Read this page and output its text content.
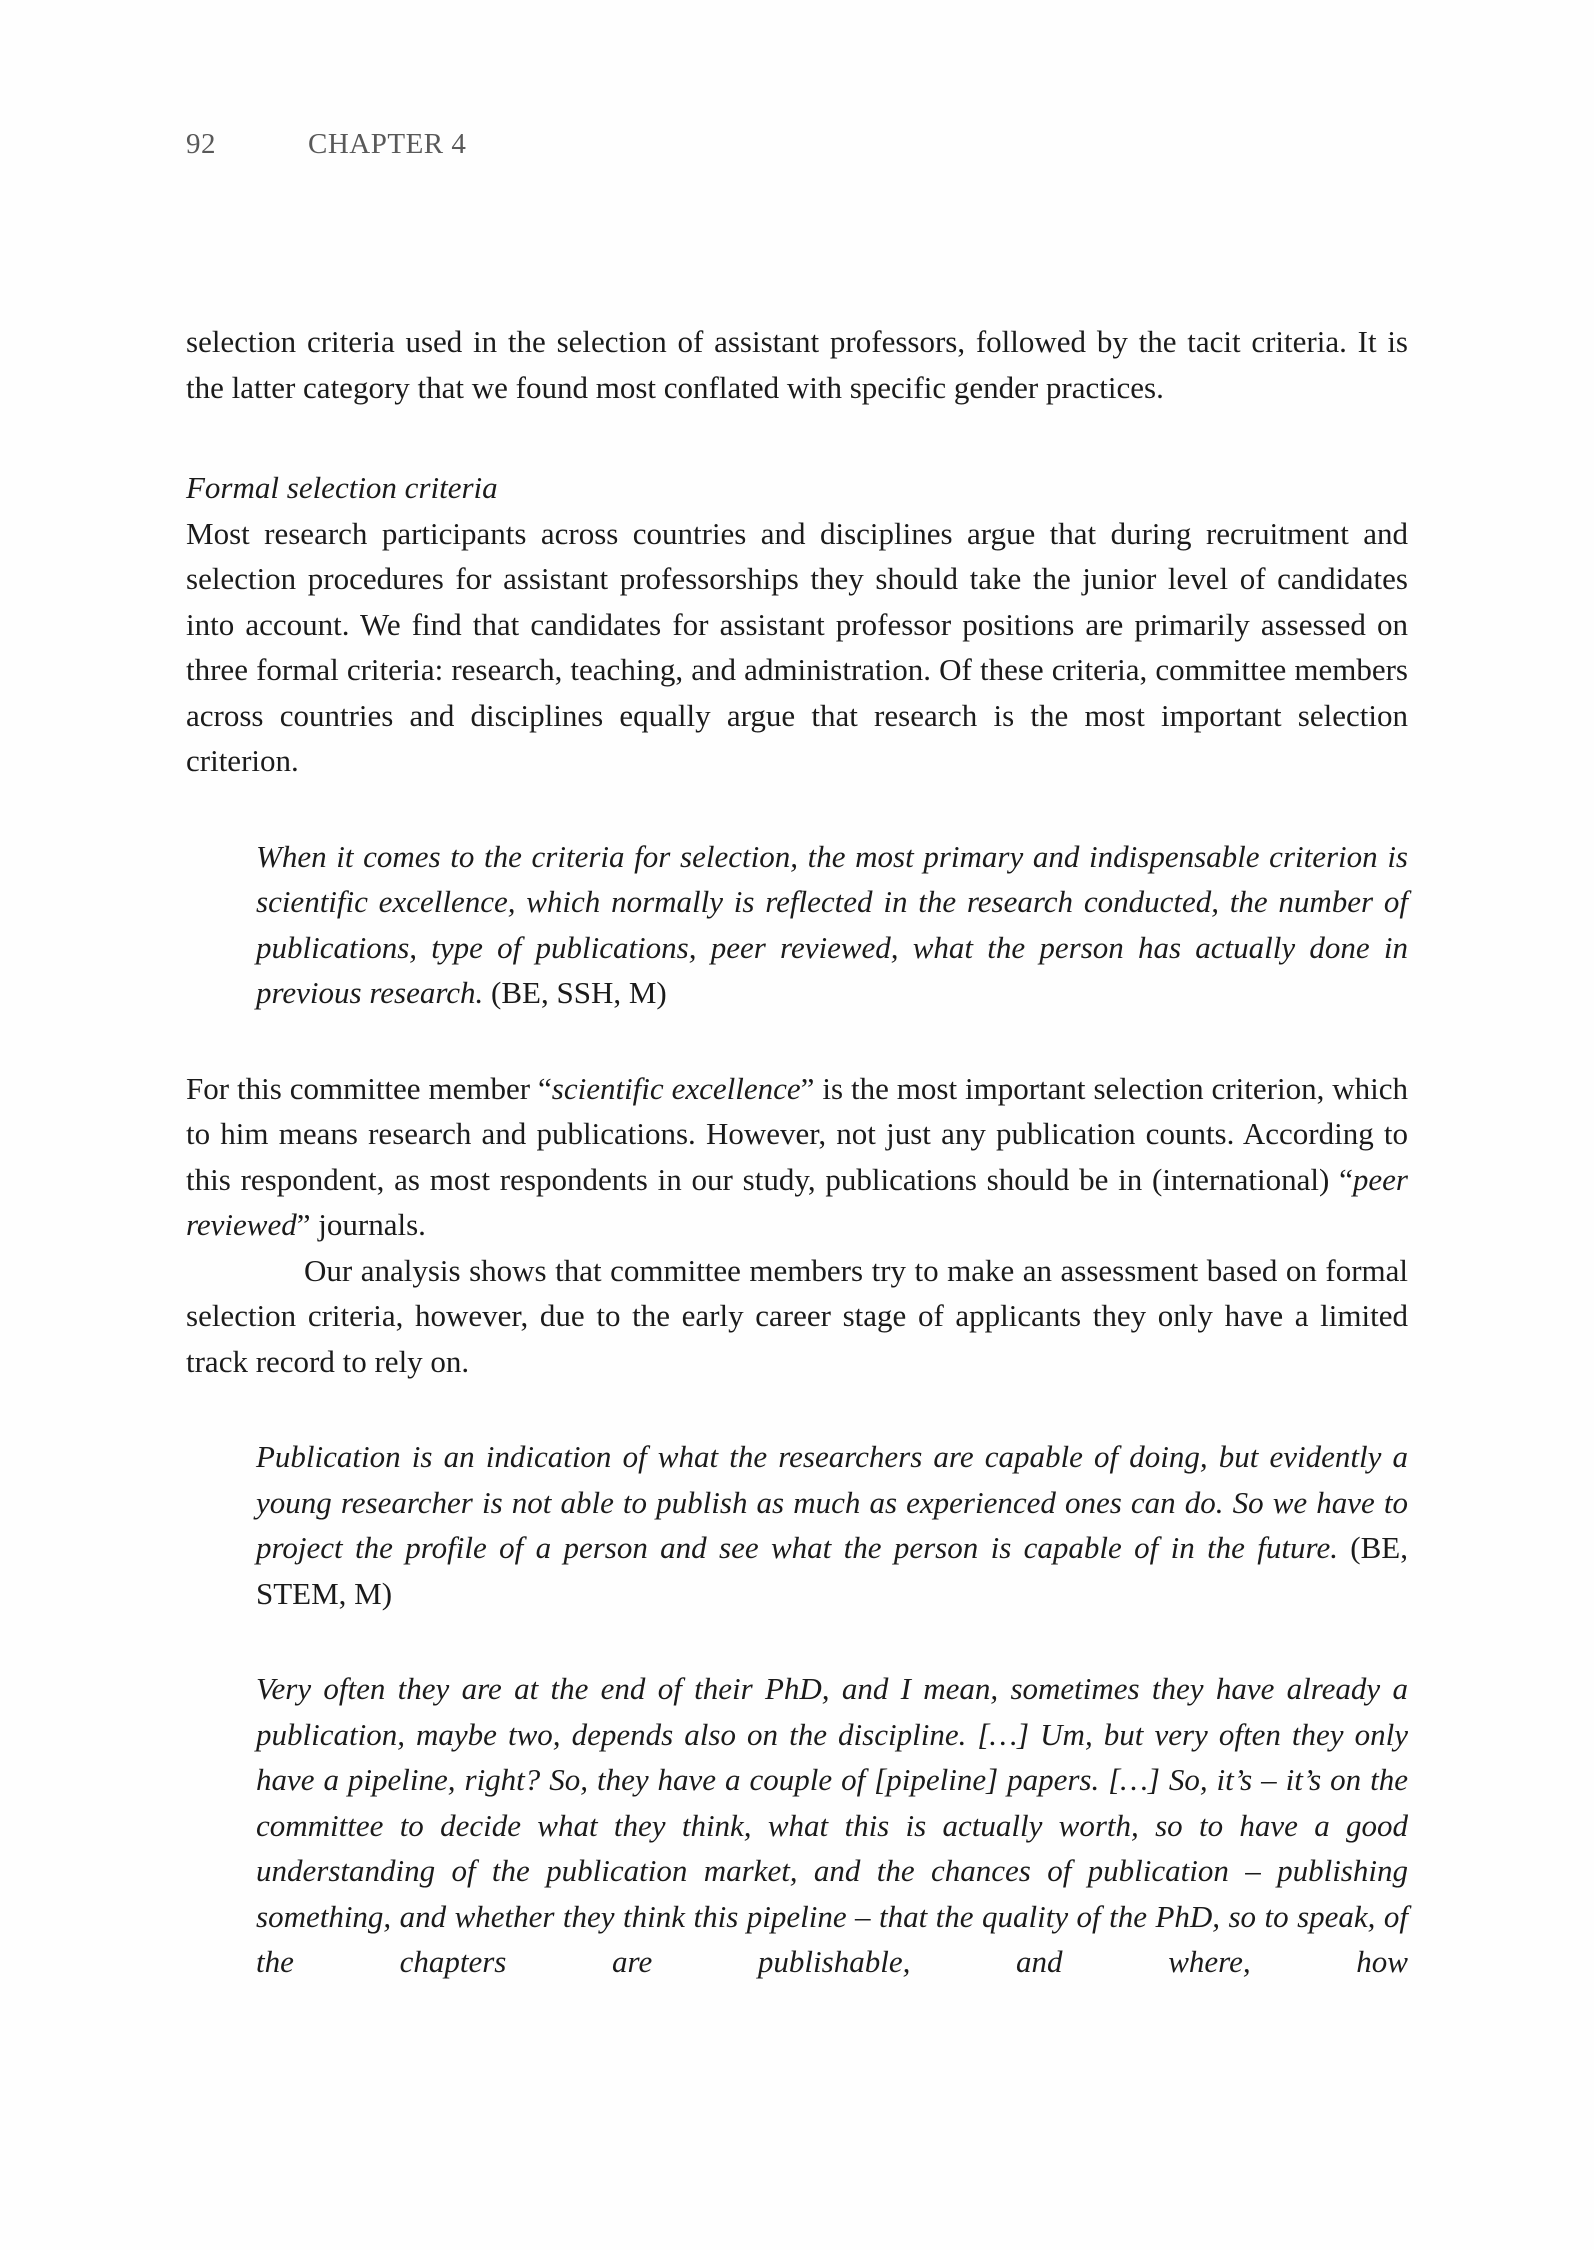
92	CHAPTER 4

selection criteria used in the selection of assistant professors, followed by the tacit criteria. It is the latter category that we found most conflated with specific gender practices.

Formal selection criteria

Most research participants across countries and disciplines argue that during recruitment and selection procedures for assistant professorships they should take the junior level of candidates into account. We find that candidates for assistant professor positions are primarily assessed on three formal criteria: research, teaching, and administration. Of these criteria, committee members across countries and disciplines equally argue that research is the most important selection criterion.

When it comes to the criteria for selection, the most primary and indispensable criterion is scientific excellence, which normally is reflected in the research conducted, the number of publications, type of publications, peer reviewed, what the person has actually done in previous research. (BE, SSH, M)

For this committee member “scientific excellence” is the most important selection criterion, which to him means research and publications. However, not just any publication counts. According to this respondent, as most respondents in our study, publications should be in (international) “peer reviewed” journals.

Our analysis shows that committee members try to make an assessment based on formal selection criteria, however, due to the early career stage of applicants they only have a limited track record to rely on.

Publication is an indication of what the researchers are capable of doing, but evidently a young researcher is not able to publish as much as experienced ones can do. So we have to project the profile of a person and see what the person is capable of in the future. (BE, STEM, M)
Very often they are at the end of their PhD, and I mean, sometimes they have already a publication, maybe two, depends also on the discipline. […] Um, but very often they only have a pipeline, right? So, they have a couple of [pipeline] papers. […] So, it’s – it’s on the committee to decide what they think, what this is actually worth, so to have a good understanding of the publication market, and the chances of publication – publishing something, and whether they think this pipeline – that the quality of the PhD, so to speak, of the chapters are publishable, and where, how
